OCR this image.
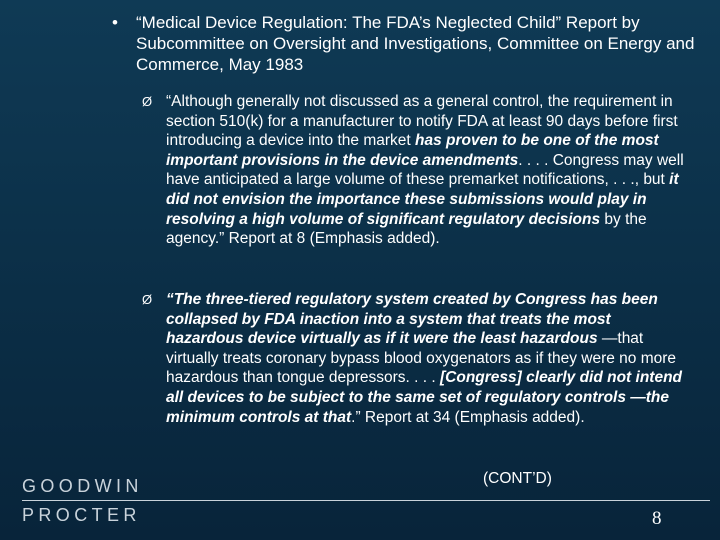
• “Medical Device Regulation: The FDA’s Neglected Child” Report by Subcommittee on Oversight and Investigations, Committee on Energy and Commerce, May 1983
Ø “Although generally not discussed as a general control, the requirement in section 510(k) for a manufacturer to notify FDA at least 90 days before first introducing a device into the market has proven to be one of the most important provisions in the device amendments. . . . Congress may well have anticipated a large volume of these premarket notifications, . . ., but it did not envision the importance these submissions would play in resolving a high volume of significant regulatory decisions by the agency.” Report at 8 (Emphasis added).
Ø “The three-tiered regulatory system created by Congress has been collapsed by FDA inaction into a system that treats the most hazardous device virtually as if it were the least hazardous —that virtually treats coronary bypass blood oxygenators as if they were no more hazardous than tongue depressors. . . . [Congress] clearly did not intend all devices to be subject to the same set of regulatory controls —the minimum controls at that.” Report at 34 (Emphasis added).
(CONT’D)
GOODWIN
PROCTER	8
